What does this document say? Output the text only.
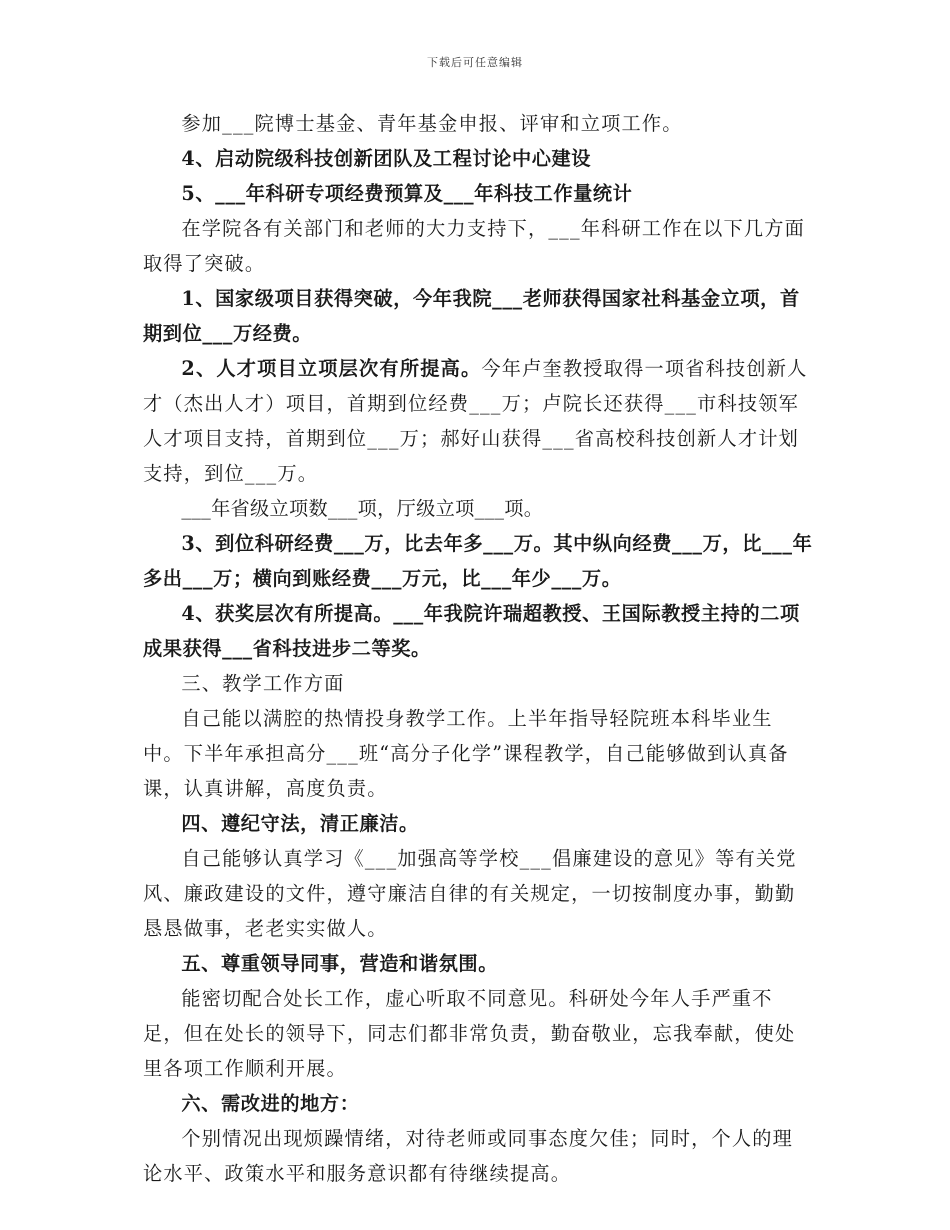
下载后可任意编辑

参加___院博士基金、青年基金申报、评审和立项工作。

4、启动院级科技创新团队及工程讨论中心建设

5、___年科研专项经费预算及___年科技工作量统计

在学院各有关部门和老师的大力支持下，___年科研工作在以下几方面取得了突破。

1、国家级项目获得突破，今年我院___老师获得国家社科基金立项，首期到位___万经费。

2、人才项目立项层次有所提高。今年卢奎教授取得一项省科技创新人才（杰出人才）项目，首期到位经费___万；卢院长还获得___市科技领军人才项目支持，首期到位___万；郝好山获得___省高校科技创新人才计划支持，到位___万。

___年省级立项数___项，厅级立项___项。

3、到位科研经费___万，比去年多___万。其中纵向经费___万，比___年多出___万；横向到账经费___万元，比___年少___万。

4、获奖层次有所提高。___年我院许瑞超教授、王国际教授主持的二项成果获得___省科技进步二等奖。

三、教学工作方面

自己能以满腔的热情投身教学工作。上半年指导轻院班本科毕业生中。下半年承担高分___班“高分子化学”课程教学，自己能够做到认真备课，认真讲解，高度负责。

四、遵纪守法，清正廉洁。

自己能够认真学习《___加强高等学校___倡廉建设的意见》等有关党风、廉政建设的文件，遵守廉洁自律的有关规定，一切按制度办事，勤勤恳恳做事，老老实实做人。

五、尊重领导同事，营造和谐氛围。

能密切配合处长工作，虚心听取不同意见。科研处今年人手严重不足，但在处长的领导下，同志们都非常负责，勤奋敬业，忘我奉献，使处里各项工作顺利开展。

六、需改进的地方：

个别情况出现烦躁情绪，对待老师或同事态度欠佳；同时，个人的理论水平、政策水平和服务意识都有待继续提高。
